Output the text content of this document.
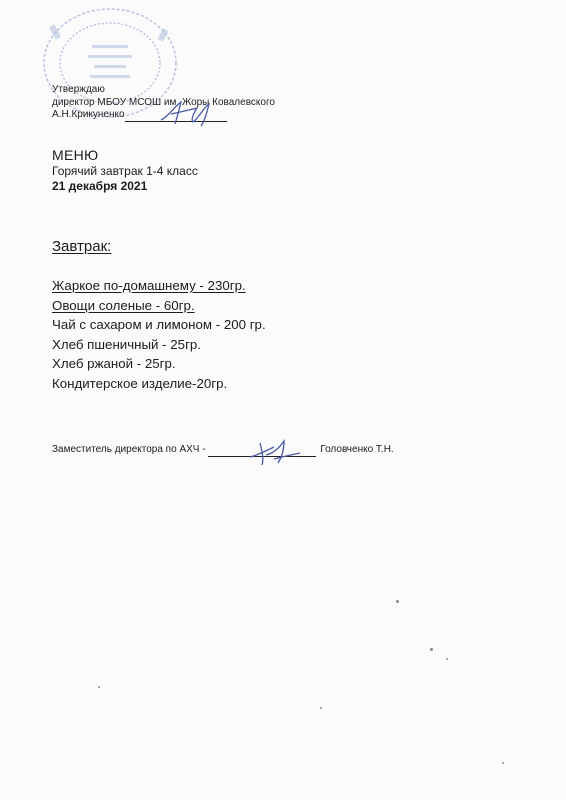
Утверждаю
директор МБОУ МСОШ им. Жоры Ковалевского
А.Н.Крикуненко
МЕНЮ
Горячий завтрак 1-4 класс
21 декабря 2021
Завтрак:
Жаркое по-домашнему - 230гр.
Овощи соленые - 60гр.
Чай с сахаром и лимоном - 200 гр.
Хлеб пшеничный - 25гр.
Хлеб ржаной - 25гр.
Кондитерское изделие-20гр.
Заместитель директора по АХЧ -	Головченко Т.Н.
